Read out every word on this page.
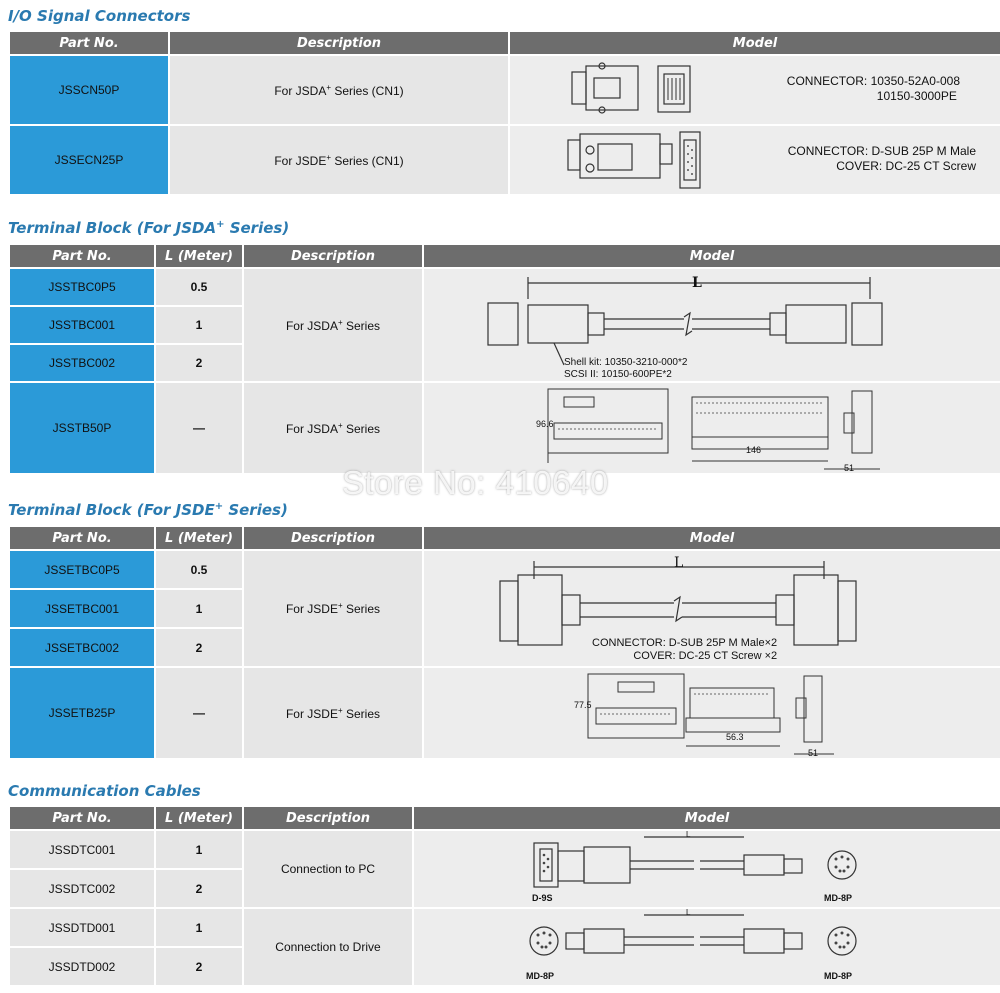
I/O Signal Connectors
Part No.	Description	Model
JSSCN50P	For JSDA+ Series (CN1)	CONNECTOR: 10350-52A0-008
10150-3000PE

JSSECN25P	For JSDE+ Series (CN1)	CONNECTOR: D-SUB 25P M Male
COVER: DC-25 CT Screw
Terminal Block (For JSDA+ Series)
Part No.	L (Meter)	Description	Model
JSSTBC0P5	0.5	For JSDA+ Series	L
Shell kit: 10350-3210-000*2
SCSI II: 10150-600PE*2

JSSTBC001	1		
JSSTBC002	2		
JSSTB50P	—	For JSDA+ Series	96.6
146
51
Terminal Block (For JSDE+ Series)
Part No.	L (Meter)	Description	Model
JSSETBC0P5	0.5	For JSDE+ Series	L
CONNECTOR: D-SUB 25P M Male×2
COVER: DC-25 CT Screw ×2

JSSETBC001	1		
JSSETBC002	2		
JSSETB25P	—	For JSDE+ Series	77.5
56.3
51
Communication Cables
Part No.	L (Meter)	Description	Model
JSSDTC001	1	Connection to PC	L
D-9S MD-8P

JSSDTC002	2		
JSSDTD001	1	Connection to Drive	L
MD-8P MD-8P

JSSDTD002	2		
Store No: 410640
